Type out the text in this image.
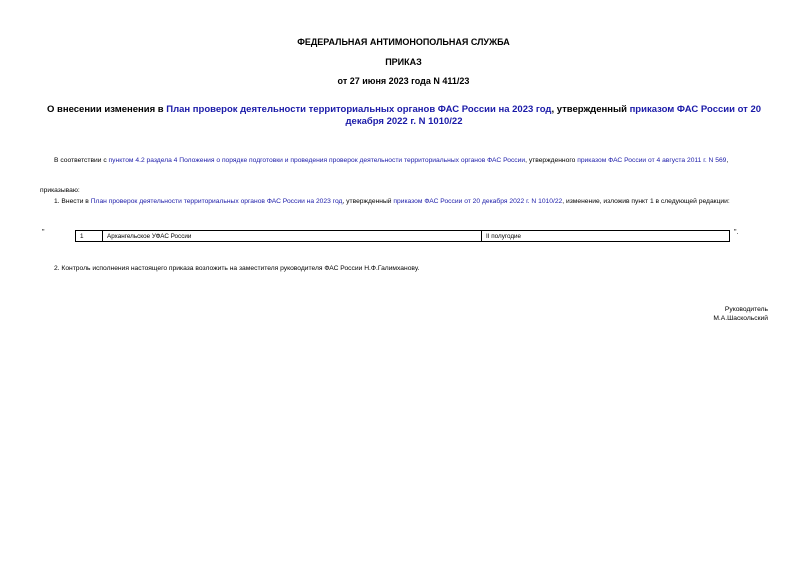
ФЕДЕРАЛЬНАЯ АНТИМОНОПОЛЬНАЯ СЛУЖБА
ПРИКАЗ
от 27 июня 2023 года N 411/23
О внесении изменения в План проверок деятельности территориальных органов ФАС России на 2023 год, утвержденный приказом ФАС России от 20 декабря 2022 г. N 1010/22
В соответствии с пунктом 4.2 раздела 4 Положения о порядке подготовки и проведения проверок деятельности территориальных органов ФАС России, утвержденного приказом ФАС России от 4 августа 2011 г. N 569,
приказываю:
1. Внести в План проверок деятельности территориальных органов ФАС России на 2023 год, утвержденный приказом ФАС России от 20 декабря 2022 г. N 1010/22, изменение, изложив пункт 1 в следующей редакции:
"	1	Архангельское УФАС России	II полугодие	".
2. Контроль исполнения настоящего приказа возложить на заместителя руководителя ФАС России Н.Ф.Галимханову.
Руководитель
М.А.Шаскольский
